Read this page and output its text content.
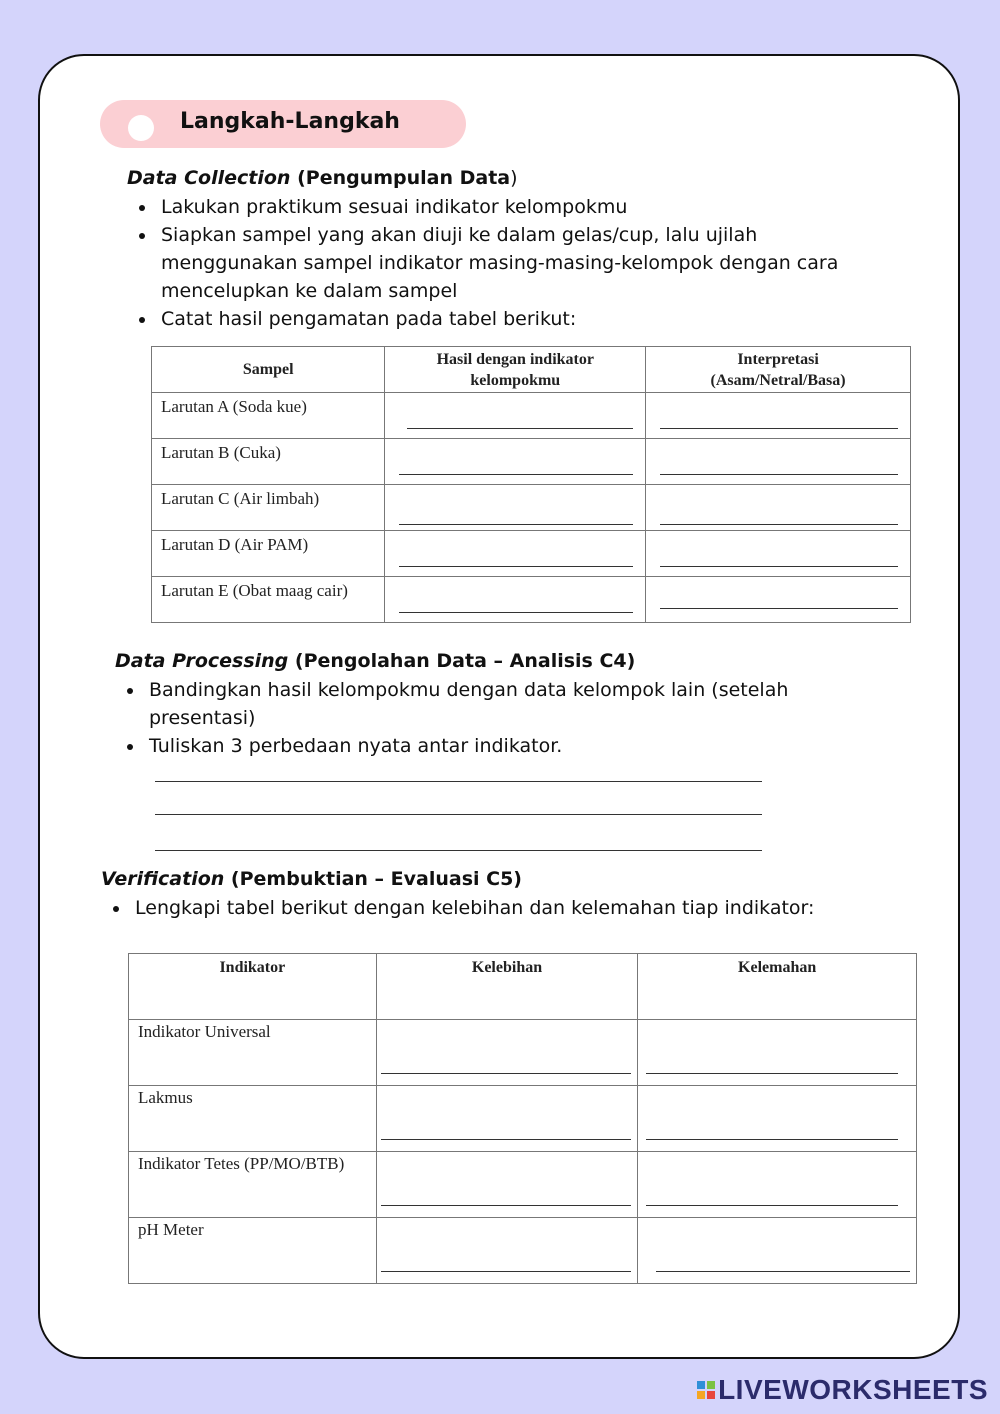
Langkah-Langkah
Data Collection (Pengumpulan Data)
Lakukan praktikum sesuai indikator kelompokmu
Siapkan sampel yang akan diuji ke dalam gelas/cup, lalu ujilah menggunakan sampel indikator masing-masing-kelompok dengan cara mencelupkan ke dalam sampel
Catat hasil pengamatan pada tabel berikut:
Sampel	Hasil dengan indikator kelompokmu	Interpretasi (Asam/Netral/Basa)

Larutan A (Soda kue)		

Larutan B (Cuka)		

Larutan C (Air limbah)		

Larutan D (Air PAM)		

Larutan E (Obat maag cair)		

Data Processing (Pengolahan Data – Analisis C4)
Bandingkan hasil kelompokmu dengan data kelompok lain (setelah presentasi)
Tuliskan 3 perbedaan nyata antar indikator.
Verification (Pembuktian – Evaluasi C5)
Lengkapi tabel berikut dengan kelebihan dan kelemahan tiap indikator:
Indikator	Kelebihan	Kelemahan

Indikator Universal		

Lakmus		

Indikator Tetes (PP/MO/BTB)		

pH Meter		

LIVEWORKSHEETS
